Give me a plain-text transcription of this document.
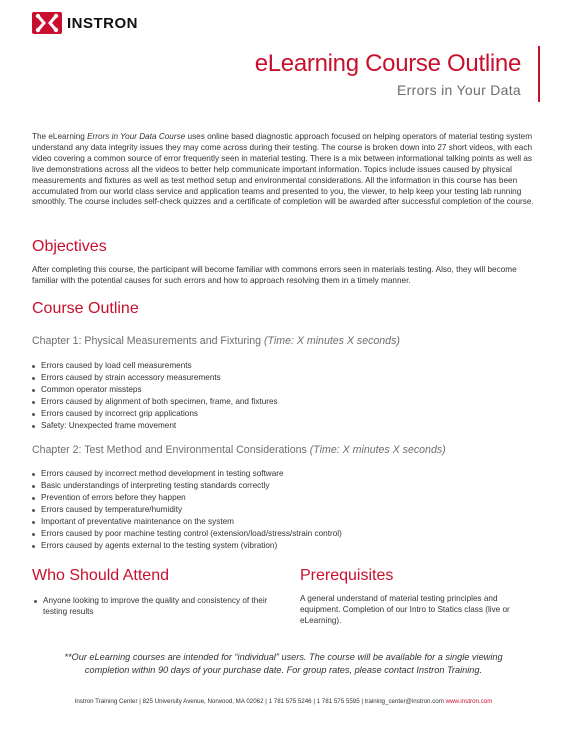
INSTRON
eLearning Course Outline
Errors in Your Data

The eLearning Errors in Your Data Course uses online based diagnostic approach focused on helping operators of material testing system understand any data integrity issues they may come across during their testing. The course is broken down into 27 short videos, with each video covering a common source of error frequently seen in material testing. There is a mix between informational talking points as well as live demonstrations across all the videos to better help communicate important information. Topics include issues caused by physical measurements and fixtures as well as test method setup and environmental considerations. All the information in this course has been accumulated from our world class service and application teams and presented to you, the viewer, to help keep your testing lab running smoothly. The course includes self-check quizzes and a certificate of completion will be awarded after successful completion of the course.

Objectives

After completing this course, the participant will become familiar with commons errors seen in materials testing. Also, they will become familiar with the potential causes for such errors and how to approach resolving them in a timely manner.

Course Outline
Chapter 1: Physical Measurements and Fixturing (Time: X minutes X seconds)
Errors caused by load cell measurements
Errors caused by strain accessory measurements
Common operator missteps
Errors caused by alignment of both specimen, frame, and fixtures
Errors caused by incorrect grip applications
Safety: Unexpected frame movement
Chapter 2: Test Method and Environmental Considerations (Time: X minutes X seconds)
Errors caused by incorrect method development in testing software
Basic understandings of interpreting testing standards correctly
Prevention of errors before they happen
Errors caused by temperature/humidity
Important of preventative maintenance on the system
Errors caused by poor machine testing control (extension/load/stress/strain control)
Errors caused by agents external to the testing system (vibration)
Who Should Attend
Anyone looking to improve the quality and consistency of their testing results
Prerequisites

A general understand of material testing principles and equipment. Completion of our Intro to Statics class (live or eLearning).

**Our eLearning courses are intended for “individual” users. The course will be available for a single viewing
completion within 90 days of your purchase date. For group rates, please contact Instron Training.
Instron Training Center | 825 University Avenue, Norwood, MA 02062 | 1 781 575 5246 | 1 781 575 5595 | training_center@instron.com www.instron.com
